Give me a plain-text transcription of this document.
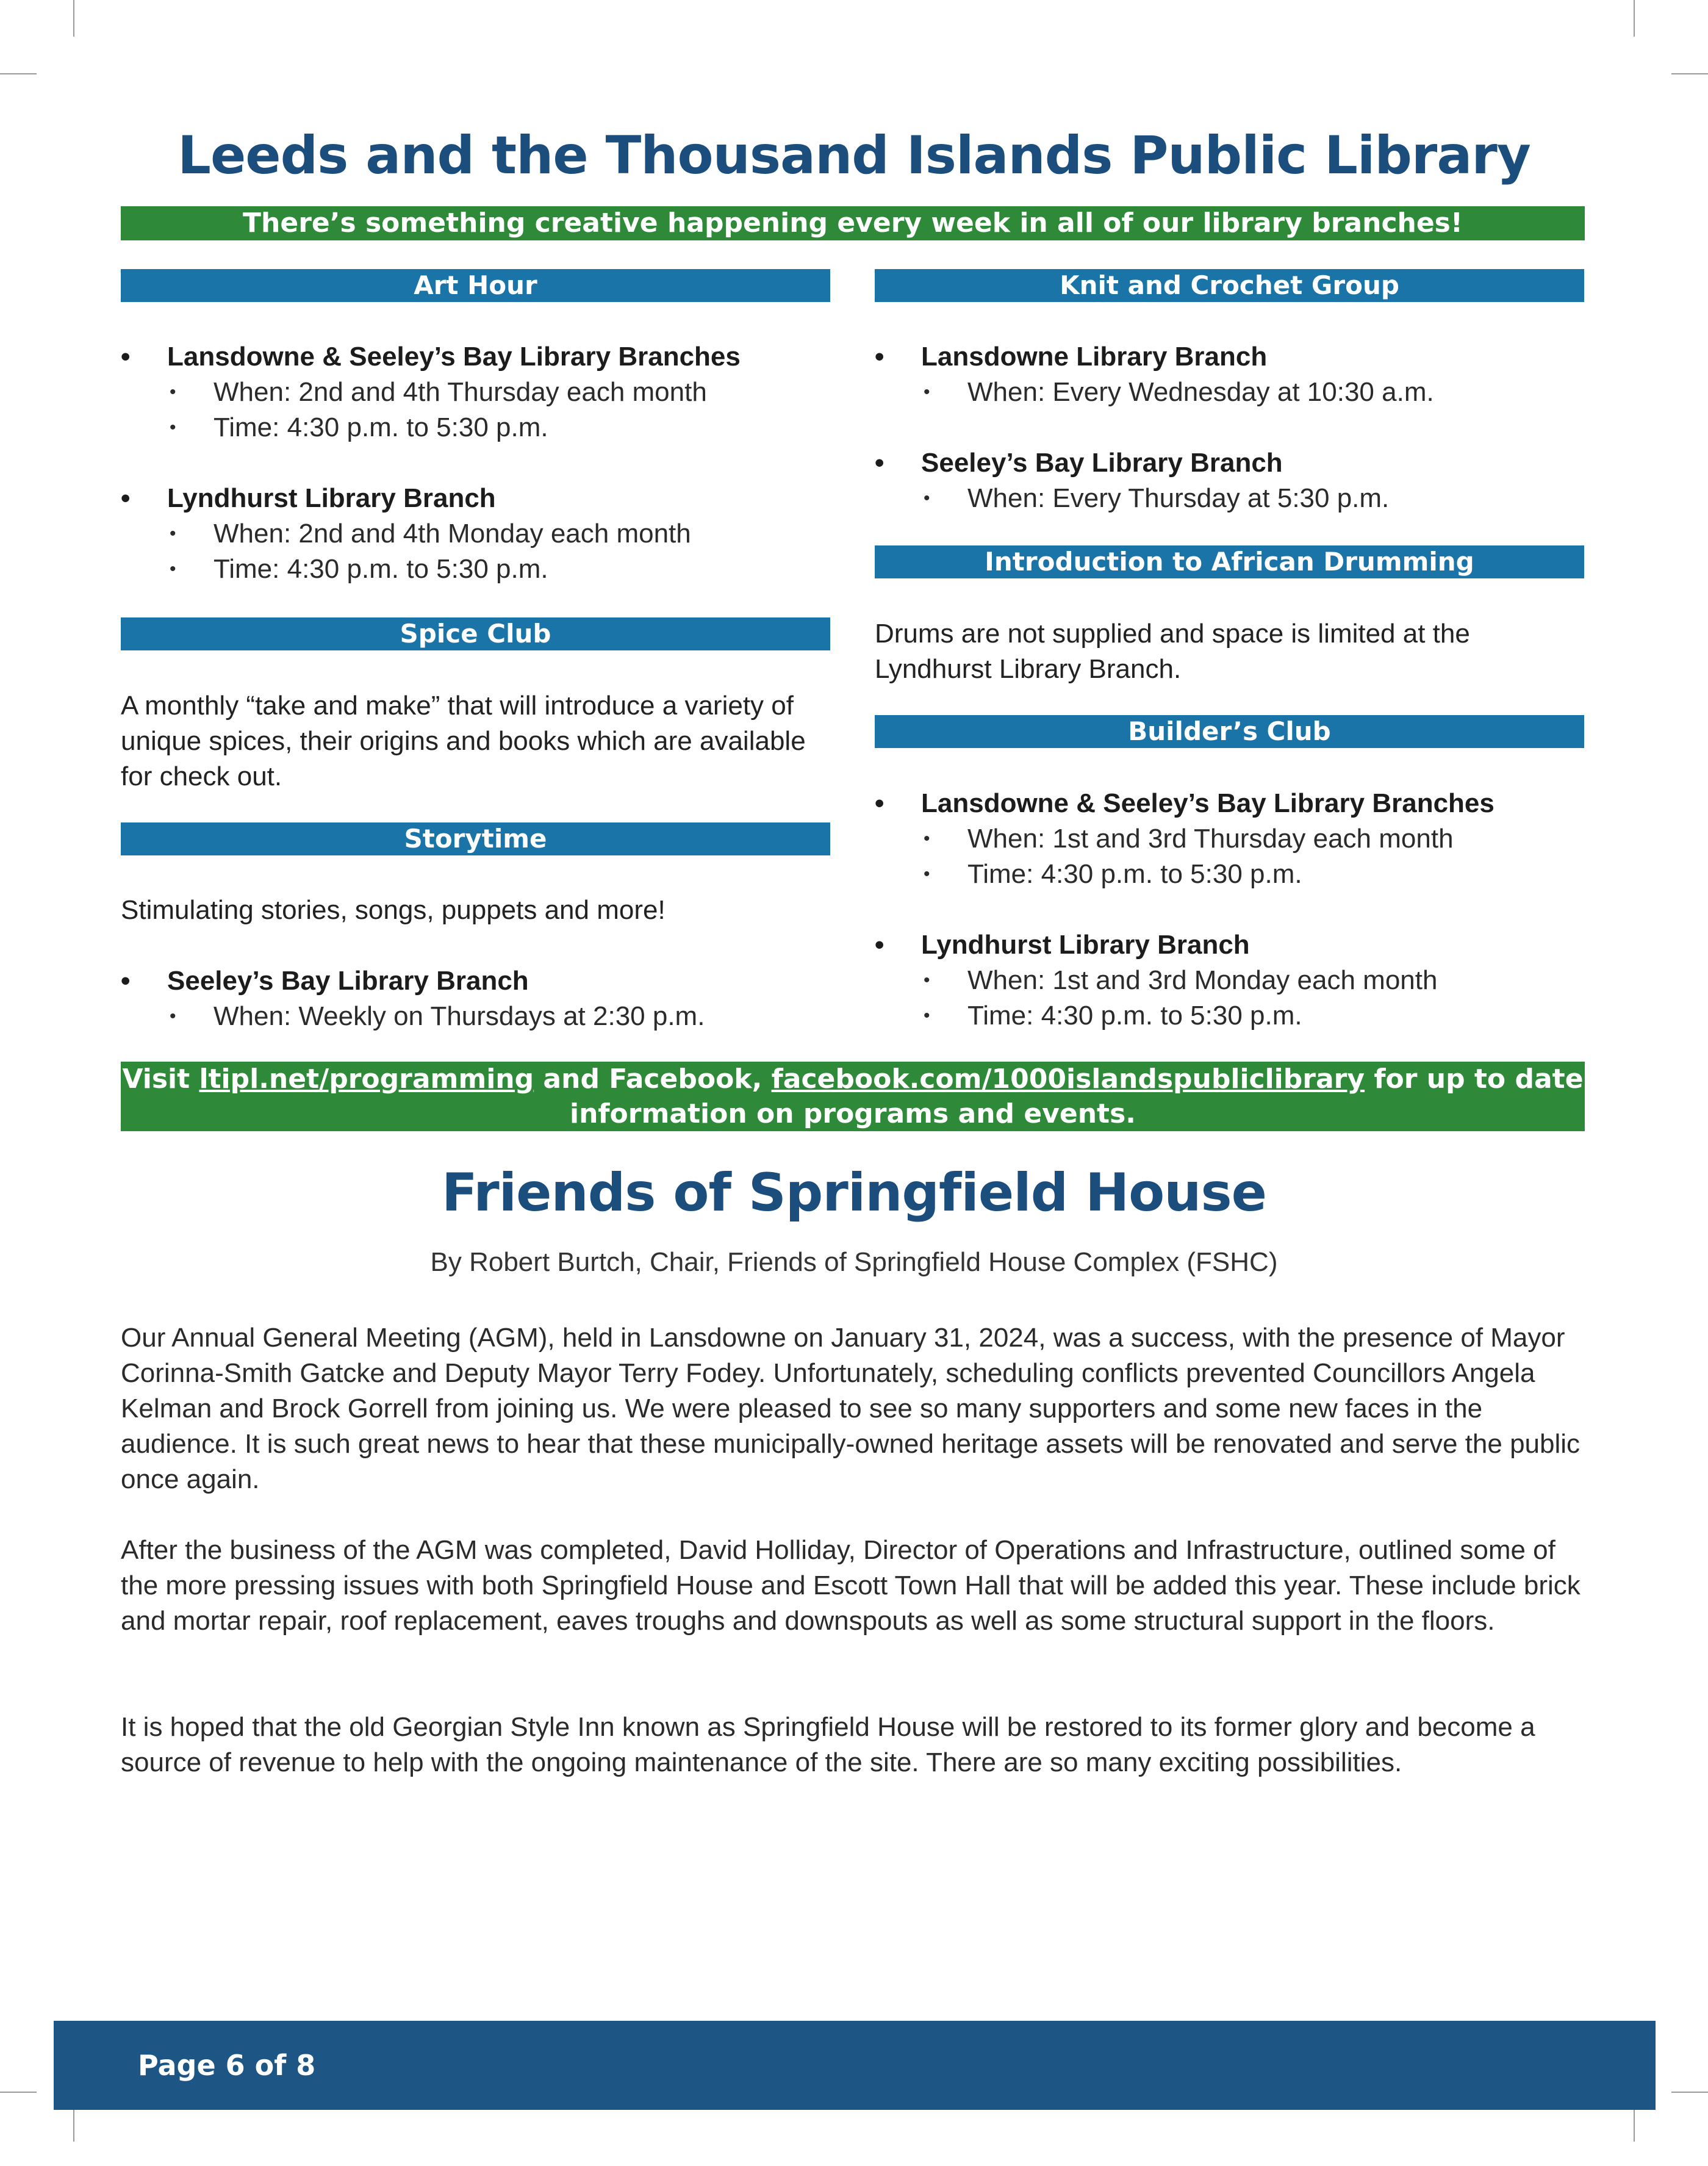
Leeds and the Thousand Islands Public Library
There’s something creative happening every week in all of our library branches!
Art Hour
• Lansdowne & Seeley’s Bay Library Branches
• When: 2nd and 4th Thursday each month
• Time: 4:30 p.m. to 5:30 p.m.
• Lyndhurst Library Branch
• When: 2nd and 4th Monday each month
• Time: 4:30 p.m. to 5:30 p.m.
Spice Club

A monthly “take and make” that will introduce a variety of unique spices, their origins and books which are available for check out.

Storytime

Stimulating stories, songs, puppets and more!

• Seeley’s Bay Library Branch
• When: Weekly on Thursdays at 2:30 p.m.
Knit and Crochet Group
• Lansdowne Library Branch
• When: Every Wednesday at 10:30 a.m.
• Seeley’s Bay Library Branch
• When: Every Thursday at 5:30 p.m.
Introduction to African Drumming

Drums are not supplied and space is limited at the Lyndhurst Library Branch.

Builder’s Club
• Lansdowne & Seeley’s Bay Library Branches
• When: 1st and 3rd Thursday each month
• Time: 4:30 p.m. to 5:30 p.m.
• Lyndhurst Library Branch
• When: 1st and 3rd Monday each month
• Time: 4:30 p.m. to 5:30 p.m.
Visit ltipl.net/programming and Facebook, facebook.com/1000islandspubliclibrary for up to date information on programs and events.
Friends of Springfield House
By Robert Burtch, Chair, Friends of Springfield House Complex (FSHC)

Our Annual General Meeting (AGM), held in Lansdowne on January 31, 2024, was a success, with the presence of Mayor Corinna-Smith Gatcke and Deputy Mayor Terry Fodey. Unfortunately, scheduling conflicts prevented Councillors Angela Kelman and Brock Gorrell from joining us. We were pleased to see so many supporters and some new faces in the audience. It is such great news to hear that these municipally-owned heritage assets will be renovated and serve the public once again.

After the business of the AGM was completed, David Holliday, Director of Operations and Infrastructure, outlined some of the more pressing issues with both Springfield House and Escott Town Hall that will be added this year. These include brick and mortar repair, roof replacement, eaves troughs and downspouts as well as some structural support in the floors.

It is hoped that the old Georgian Style Inn known as Springfield House will be restored to its former glory and become a source of revenue to help with the ongoing maintenance of the site. There are so many exciting possibilities.

Page 6 of 8
